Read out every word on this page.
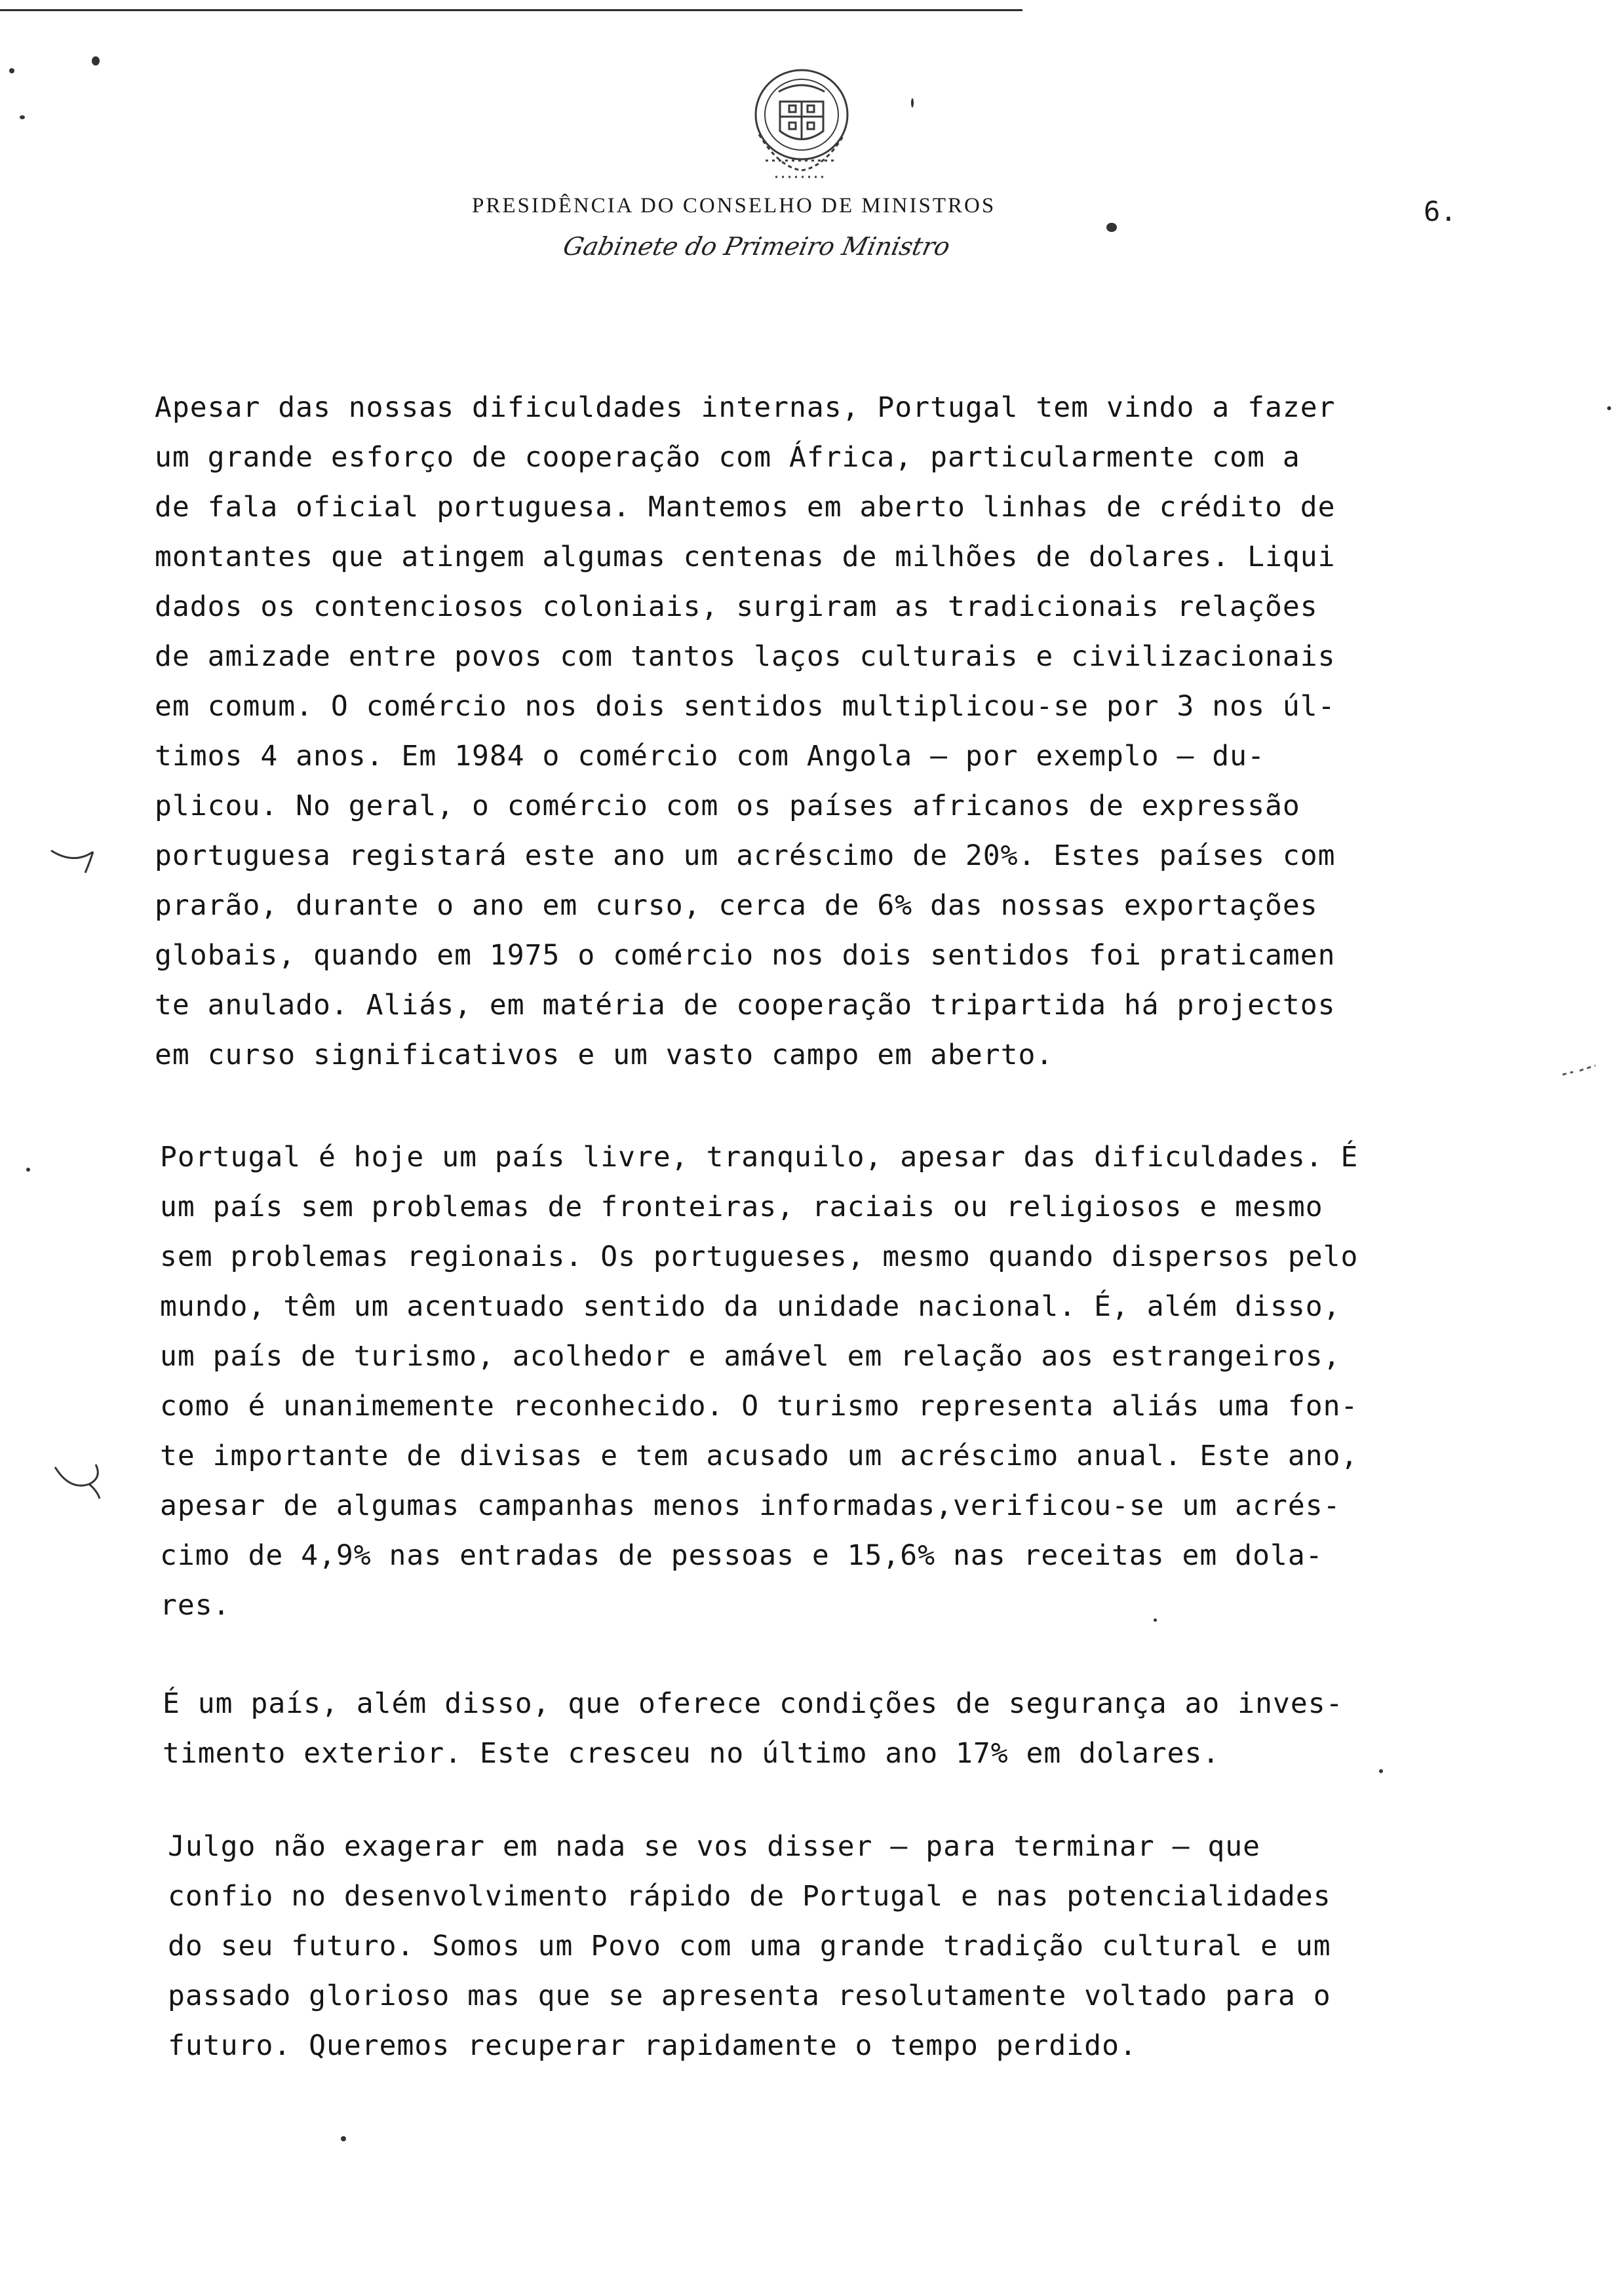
PRESIDÊNCIA DO CONSELHO DE MINISTROS
Gabinete do Primeiro Ministro
6.
Apesar das nossas dificuldades internas, Portugal tem vindo a fazer
um grande esforço de cooperação com África, particularmente com a
de fala oficial portuguesa. Mantemos em aberto linhas de crédito de
montantes que atingem algumas centenas de milhões de dolares. Liqui
dados os contenciosos coloniais, surgiram as tradicionais relações
de amizade entre povos com tantos laços culturais e civilizacionais
em comum. O comércio nos dois sentidos multiplicou-se por 3 nos úl-
timos 4 anos. Em 1984 o comércio com Angola — por exemplo — du-
plicou. No geral, o comércio com os países africanos de expressão
portuguesa registará este ano um acréscimo de 20%. Estes países com
prarão, durante o ano em curso, cerca de 6% das nossas exportações
globais, quando em 1975 o comércio nos dois sentidos foi praticamen
te anulado. Aliás, em matéria de cooperação tripartida há projectos
em curso significativos e um vasto campo em aberto.
Portugal é hoje um país livre, tranquilo, apesar das dificuldades. É
um país sem problemas de fronteiras, raciais ou religiosos e mesmo
sem problemas regionais. Os portugueses, mesmo quando dispersos pelo
mundo, têm um acentuado sentido da unidade nacional. É, além disso,
um país de turismo, acolhedor e amável em relação aos estrangeiros,
como é unanimemente reconhecido. O turismo representa aliás uma fon-
te importante de divisas e tem acusado um acréscimo anual. Este ano,
apesar de algumas campanhas menos informadas,verificou-se um acrés-
cimo de 4,9% nas entradas de pessoas e 15,6% nas receitas em dola-
res.
É um país, além disso, que oferece condições de segurança ao inves-
timento exterior. Este cresceu no último ano 17% em dolares.
Julgo não exagerar em nada se vos disser — para terminar — que
confio no desenvolvimento rápido de Portugal e nas potencialidades
do seu futuro. Somos um Povo com uma grande tradição cultural e um
passado glorioso mas que se apresenta resolutamente voltado para o
futuro. Queremos recuperar rapidamente o tempo perdido.
